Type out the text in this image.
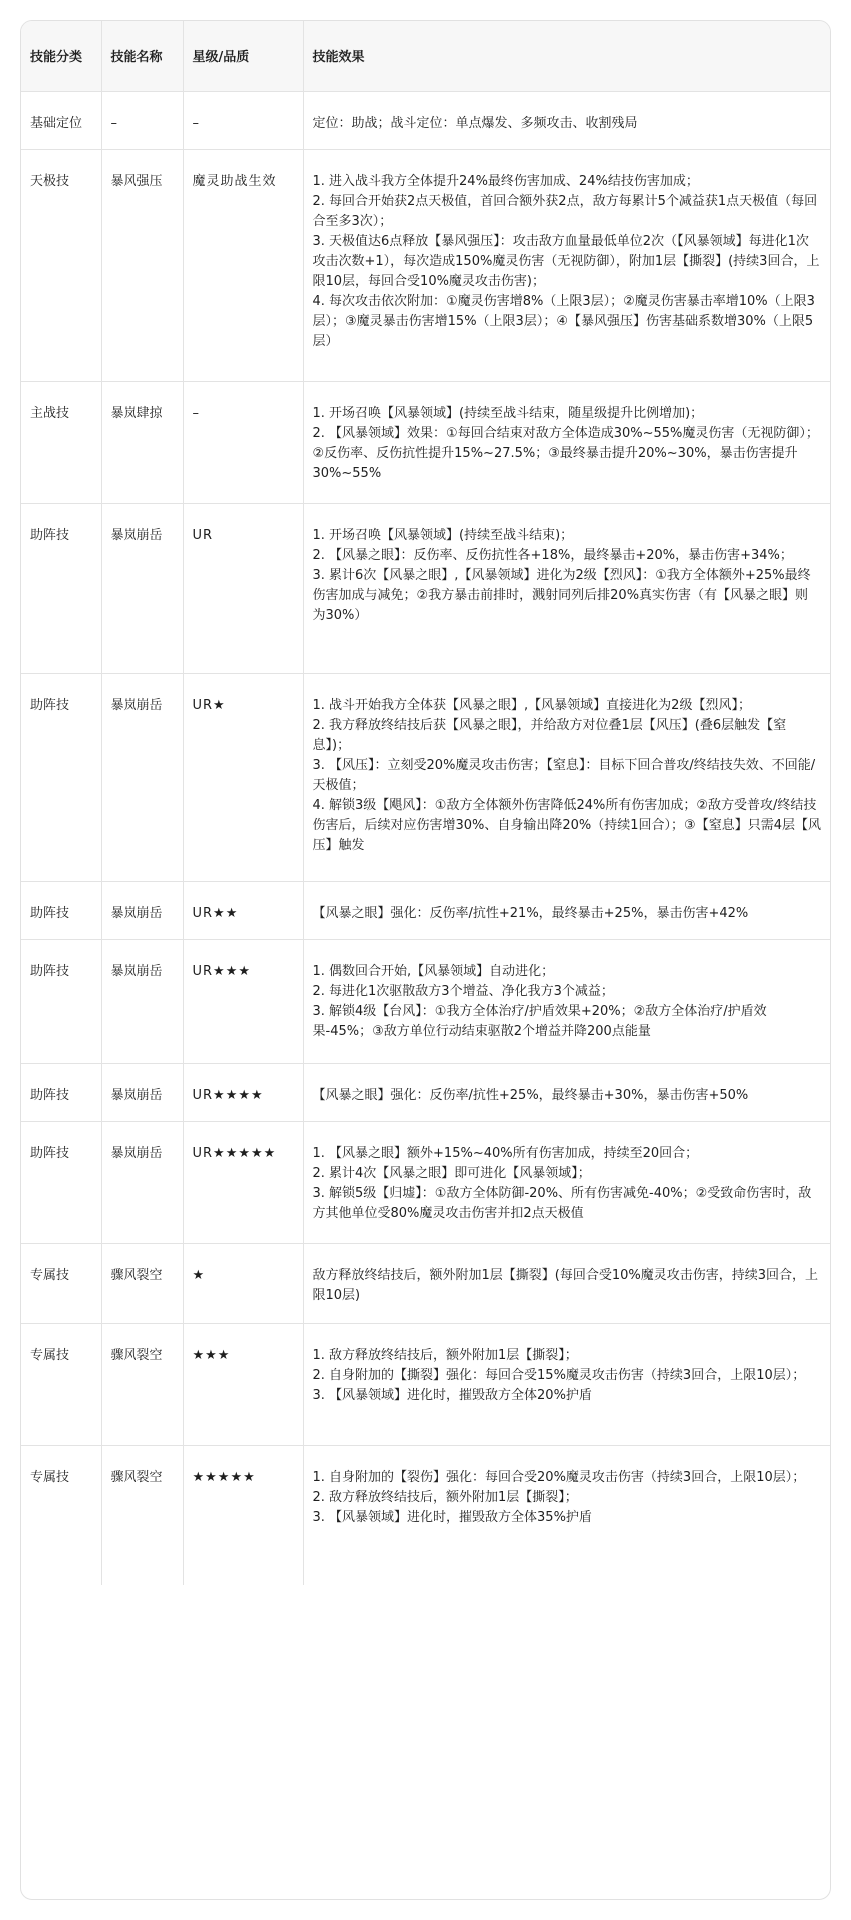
技能分类	技能名称	星级/品质	技能效果
基础定位	–	–	定位：助战；战斗定位：单点爆发、多频攻击、收割残局

天极技	暴风强压	魔灵助战生效	1. 进入战斗我方全体提升24%最终伤害加成、24%结技伤害加成；
2. 每回合开始获2点天极值，首回合额外获2点，敌方每累计5个减益获1点天极值（每回合至多3次）；
3. 天极值达6点释放【暴风强压】：攻击敌方血量最低单位2次（【风暴领域】每进化1次攻击次数+1），每次造成150%魔灵伤害（无视防御），附加1层【撕裂】(持续3回合，上限10层，每回合受10%魔灵攻击伤害)；
4. 每次攻击依次附加：①魔灵伤害增8%（上限3层）；②魔灵伤害暴击率增10%（上限3层）；③魔灵暴击伤害增15%（上限3层）；④【暴风强压】伤害基础系数增30%（上限5层）

主战技	暴岚肆掠	–	1. 开场召唤【风暴领域】(持续至战斗结束，随星级提升比例增加)；
2. 【风暴领域】效果：①每回合结束对敌方全体造成30%~55%魔灵伤害（无视防御）；②反伤率、反伤抗性提升15%~27.5%；③最终暴击提升20%~30%，暴击伤害提升30%~55%

助阵技	暴岚崩岳	UR	1. 开场召唤【风暴领域】(持续至战斗结束)；
2. 【风暴之眼】：反伤率、反伤抗性各+18%，最终暴击+20%，暴击伤害+34%；
3. 累计6次【风暴之眼】,【风暴领域】进化为2级【烈风】：①我方全体额外+25%最终伤害加成与减免；②我方暴击前排时，溅射同列后排20%真实伤害（有【风暴之眼】则为30%）

助阵技	暴岚崩岳	UR★	1. 战斗开始我方全体获【风暴之眼】,【风暴领域】直接进化为2级【烈风】；
2. 我方释放终结技后获【风暴之眼】，并给敌方对位叠1层【风压】(叠6层触发【窒息】)；
3. 【风压】：立刻受20%魔灵攻击伤害；【窒息】：目标下回合普攻/终结技失效、不回能/天极值；
4. 解锁3级【飓风】：①敌方全体额外伤害降低24%所有伤害加成；②敌方受普攻/终结技伤害后，后续对应伤害增30%、自身输出降20%（持续1回合）；③【窒息】只需4层【风压】触发

助阵技	暴岚崩岳	UR★★	【风暴之眼】强化：反伤率/抗性+21%，最终暴击+25%，暴击伤害+42%

助阵技	暴岚崩岳	UR★★★	1. 偶数回合开始,【风暴领域】自动进化；
2. 每进化1次驱散敌方3个增益、净化我方3个减益；
3. 解锁4级【台风】：①我方全体治疗/护盾效果+20%；②敌方全体治疗/护盾效果-45%；③敌方单位行动结束驱散2个增益并降200点能量

助阵技	暴岚崩岳	UR★★★★	【风暴之眼】强化：反伤率/抗性+25%，最终暴击+30%，暴击伤害+50%

助阵技	暴岚崩岳	UR★★★★★	1. 【风暴之眼】额外+15%~40%所有伤害加成，持续至20回合；
2. 累计4次【风暴之眼】即可进化【风暴领域】；
3. 解锁5级【归墟】：①敌方全体防御-20%、所有伤害减免-40%；②受致命伤害时，敌方其他单位受80%魔灵攻击伤害并扣2点天极值

专属技	骤风裂空	★	敌方释放终结技后，额外附加1层【撕裂】(每回合受10%魔灵攻击伤害，持续3回合，上限10层)

专属技	骤风裂空	★★★	1. 敌方释放终结技后，额外附加1层【撕裂】；
2. 自身附加的【撕裂】强化：每回合受15%魔灵攻击伤害（持续3回合，上限10层）；
3. 【风暴领域】进化时，摧毁敌方全体20%护盾

专属技	骤风裂空	★★★★★	1. 自身附加的【裂伤】强化：每回合受20%魔灵攻击伤害（持续3回合，上限10层）；
2. 敌方释放终结技后，额外附加1层【撕裂】；
3. 【风暴领域】进化时，摧毁敌方全体35%护盾
